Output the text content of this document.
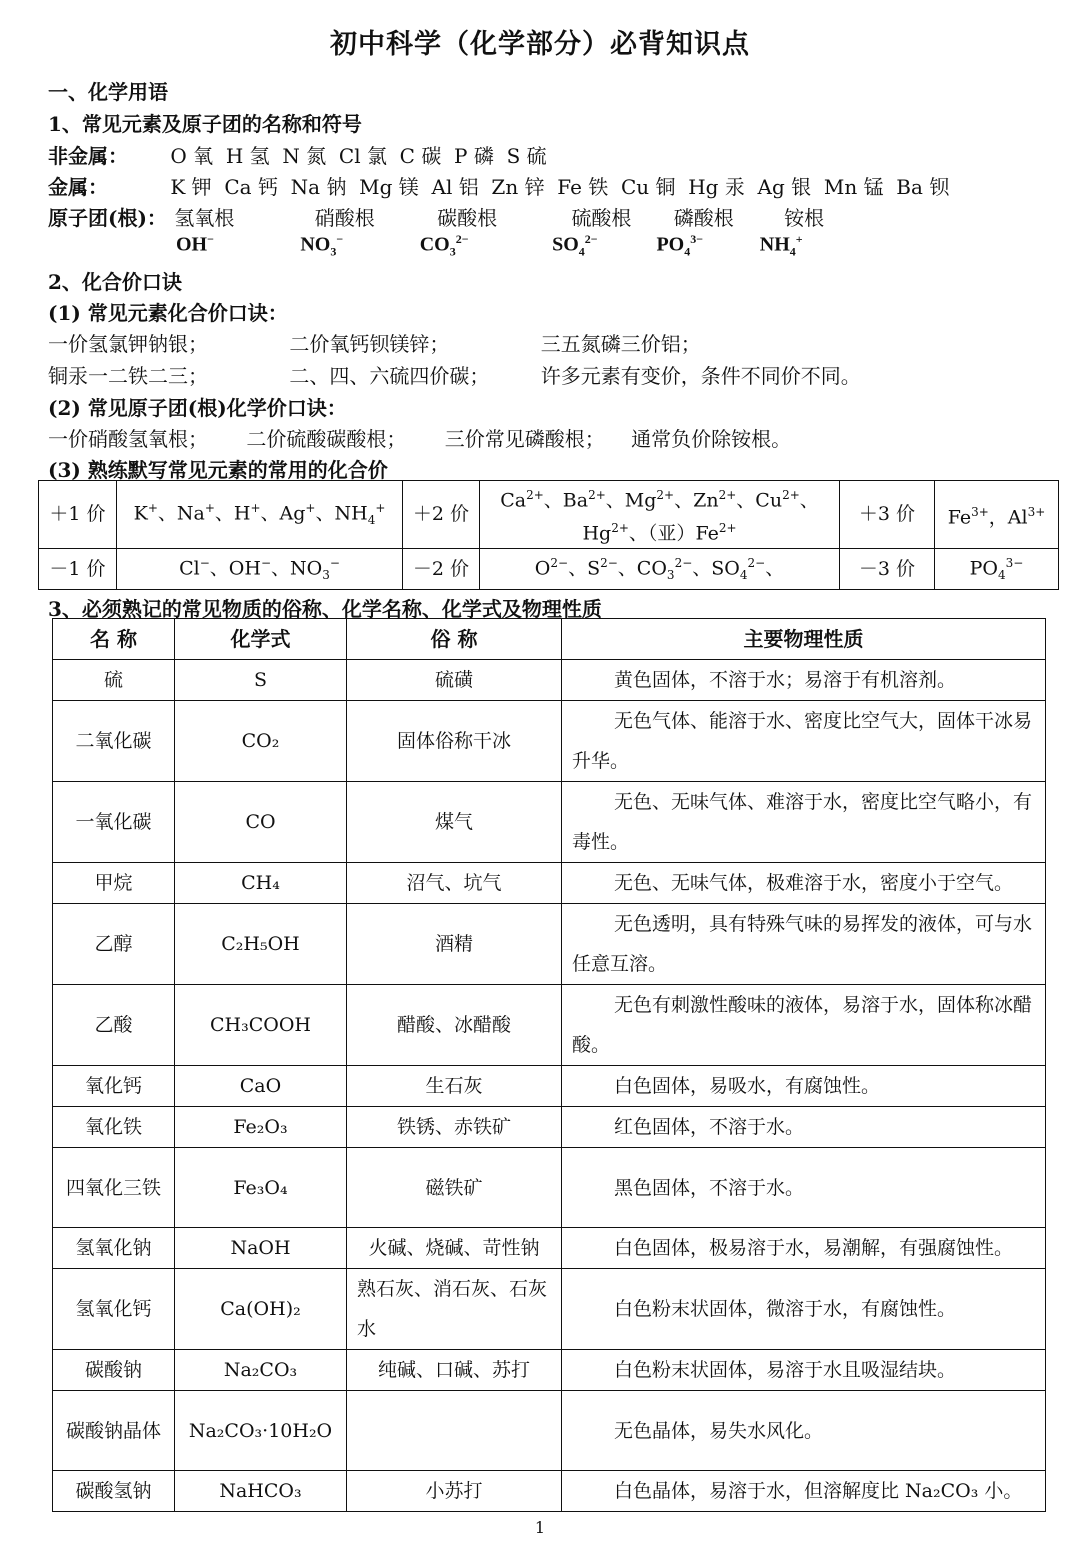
初中科学（化学部分）必背知识点
一、化学用语
1、常见元素及原子团的名称和符号
非金属： O 氧  H 氢  N 氮  Cl 氯  C 碳  P 磷  S 硫
金属：	K 钾  Ca 钙  Na 钠  Mg 镁  Al 铝  Zn 锌  Fe 铁  Cu 铜  Hg 汞  Ag 银  Mn 锰  Ba 钡
原子团(根)： 氢氧根	硝酸根	碳酸根	硫酸根 磷酸根	铵根
OH−	$NO_3^-$	$CO_3^{2-}$	$SO_4^{2-}$	$PO_4^{3-}$	$NH_4^+$
2、化合价口诀
(1) 常见元素化合价口诀：
一价氢氯钾钠银；	二价氧钙钡镁锌；	三五氮磷三价铝；
铜汞一二铁二三；	二、四、六硫四价碳；	许多元素有变价，条件不同价不同。
(2) 常见原子团(根)化学价口诀：
一价硝酸氢氧根； 二价硫酸碳酸根； 三价常见磷酸根； 通常负价除铵根。
(3) 熟练默写常见元素的常用的化合价
＋1 价	K+、Na+、H+、Ag+、$NH_4^+$	＋2 价	$Ca^{2+}$、$Ba^{2+}$、$Mg^{2+}$、$Zn^{2+}$、$Cu^{2+}$、
$Hg^{2+}$、（亚）$Fe^{2+}$	＋3 价	$Fe^{3+}$，$Al^{3+}$
－1 价	Cl−、OH−、$NO_3^-$	－2 价	$O^{2-}$、$S^{2-}$、$CO_3^{2-}$、$SO_4^{2-}$、	－3 价	$PO_4^{3-}$
3、必须熟记的常见物质的俗称、化学名称、化学式及物理性质
名 称	化学式	俗 称	主要物理性质
硫	S	硫磺	黄色固体，不溶于水；易溶于有机溶剂。
二氧化碳	CO₂	固体俗称干冰	无色气体、能溶于水、密度比空气大，固体干冰易升华。
一氧化碳	CO	煤气	无色、无味气体、难溶于水，密度比空气略小，有毒性。
甲烷	CH₄	沼气、坑气	无色、无味气体，极难溶于水，密度小于空气。
乙醇	C₂H₅OH	酒精	无色透明，具有特殊气味的易挥发的液体，可与水任意互溶。
乙酸	CH₃COOH	醋酸、冰醋酸	无色有刺激性酸味的液体，易溶于水，固体称冰醋酸。
氧化钙	CaO	生石灰	白色固体，易吸水，有腐蚀性。
氧化铁	Fe₂O₃	铁锈、赤铁矿	红色固体，不溶于水。
四氧化三铁	Fe₃O₄	磁铁矿	黑色固体，不溶于水。
氢氧化钠	NaOH	火碱、烧碱、苛性钠	白色固体，极易溶于水，易潮解，有强腐蚀性。
氢氧化钙	Ca(OH)₂	熟石灰、消石灰、石灰水	白色粉末状固体，微溶于水，有腐蚀性。
碳酸钠	Na₂CO₃	纯碱、口碱、苏打	白色粉末状固体，易溶于水且吸湿结块。
碳酸钠晶体	Na₂CO₃·10H₂O		无色晶体，易失水风化。
碳酸氢钠	NaHCO₃	小苏打	白色晶体，易溶于水，但溶解度比 Na₂CO₃ 小。
1
